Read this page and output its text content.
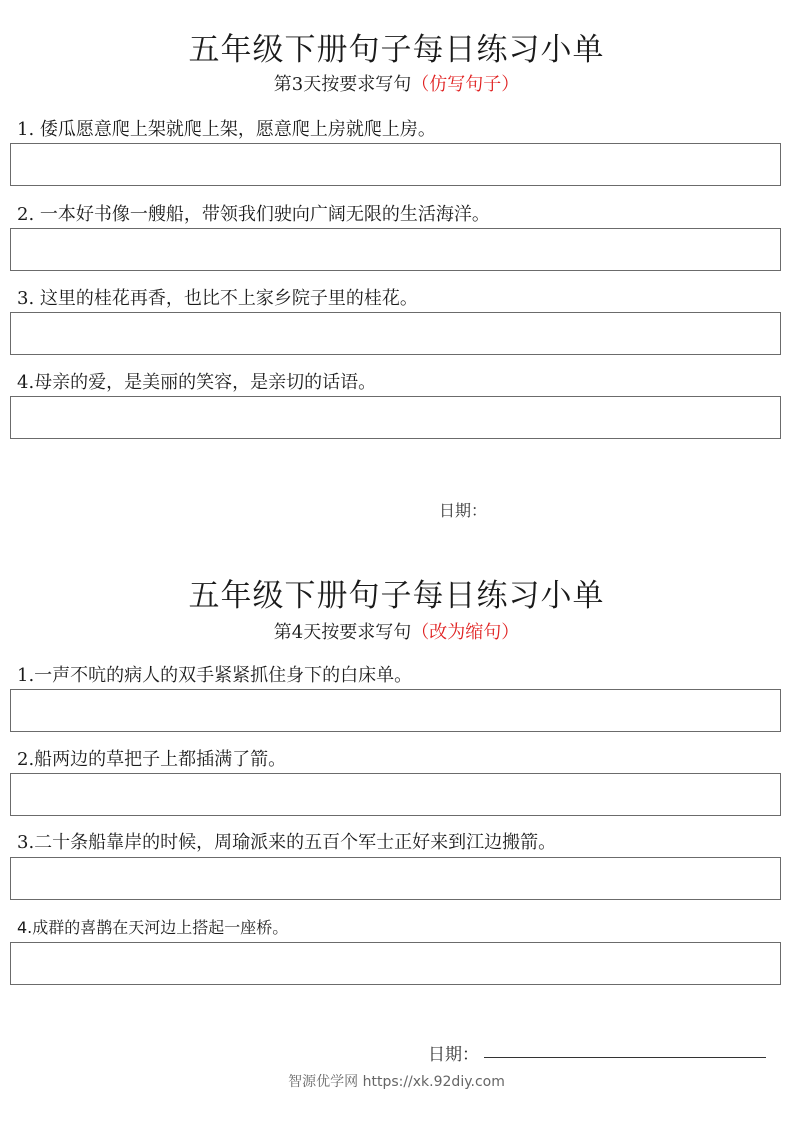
五年级下册句子每日练习小单
第3天按要求写句（仿写句子）
1. 倭瓜愿意爬上架就爬上架，愿意爬上房就爬上房。
2. 一本好书像一艘船，带领我们驶向广阔无限的生活海洋。
3. 这里的桂花再香，也比不上家乡院子里的桂花。
4.母亲的爱，是美丽的笑容，是亲切的话语。
日期：
五年级下册句子每日练习小单
第4天按要求写句（改为缩句）
1.一声不吭的病人的双手紧紧抓住身下的白床单。
2.船两边的草把子上都插满了箭。
3.二十条船靠岸的时候，周瑜派来的五百个军士正好来到江边搬箭。
4.成群的喜鹊在天河边上搭起一座桥。
日期：
智源优学网 https://xk.92diy.com
